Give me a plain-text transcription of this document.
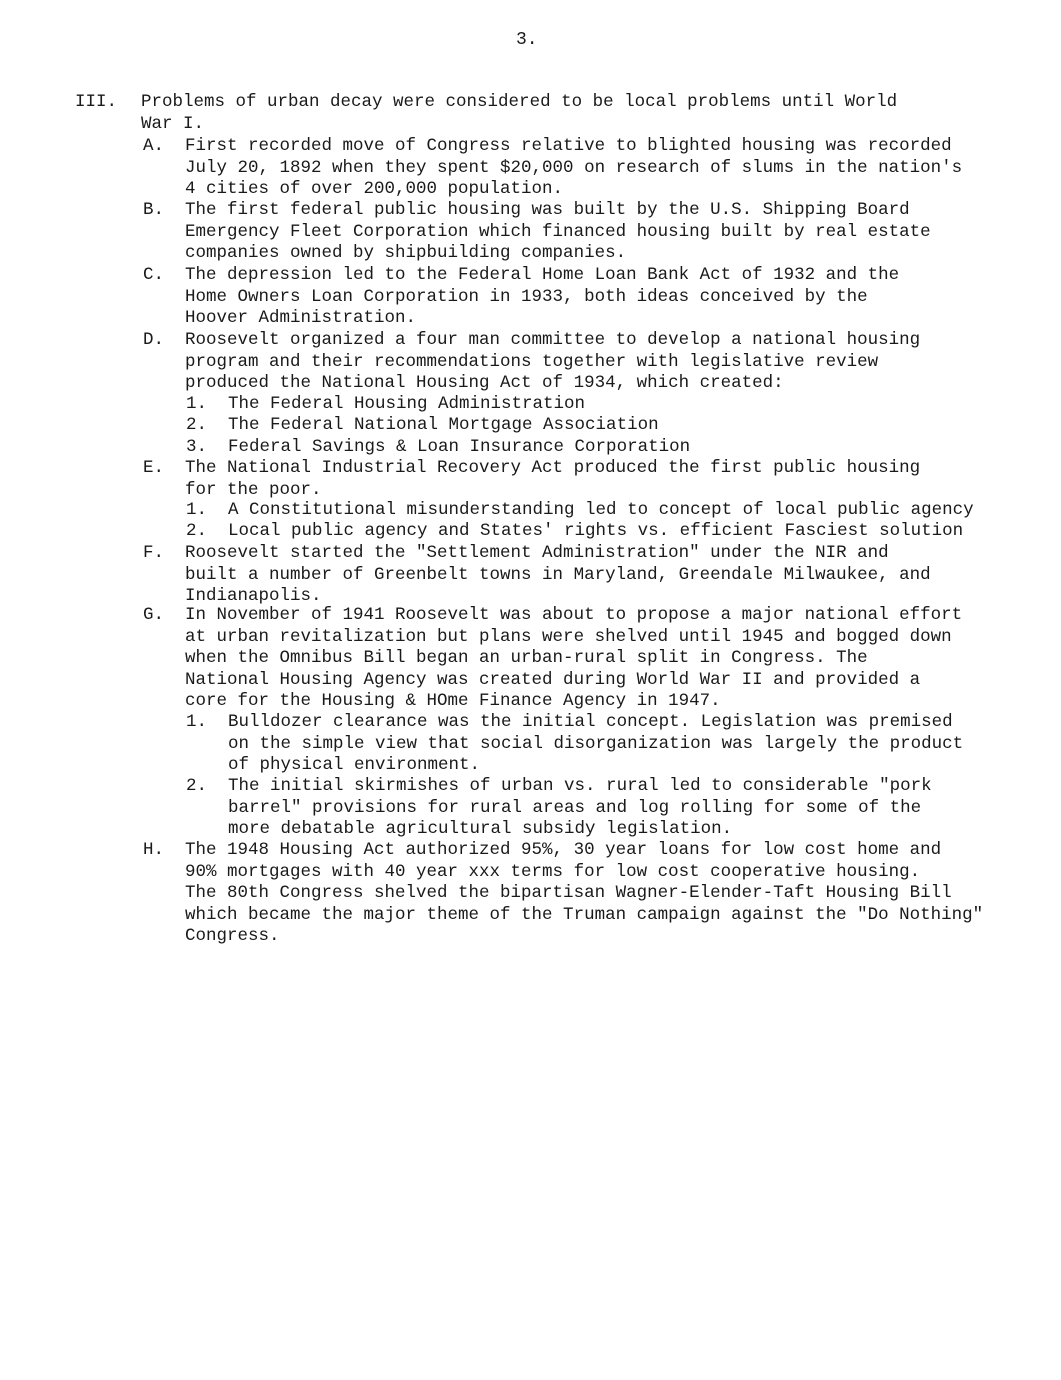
3.
III. Problems of urban decay were considered to be local problems until World
War I.
A. First recorded move of Congress relative to blighted housing was recorded
July 20, 1892 when they spent $20,000 on research of slums in the nation's
4 cities of over 200,000 population.
B. The first federal public housing was built by the U.S. Shipping Board
Emergency Fleet Corporation which financed housing built by real estate
companies owned by shipbuilding companies.
C. The depression led to the Federal Home Loan Bank Act of 1932 and the
Home Owners Loan Corporation in 1933, both ideas conceived by the
Hoover Administration.
D. Roosevelt organized a four man committee to develop a national housing
program and their recommendations together with legislative review
produced the National Housing Act of 1934, which created:
1. The Federal Housing Administration
2. The Federal National Mortgage Association
3. Federal Savings & Loan Insurance Corporation
E. The National Industrial Recovery Act produced the first public housing
for the poor.
1. A Constitutional misunderstanding led to concept of local public agency
2. Local public agency and States' rights vs. efficient Fasciest solution
F. Roosevelt started the "Settlement Administration" under the NIR and
built a number of Greenbelt towns in Maryland, Greendale Milwaukee, and
Indianapolis.
G. In November of 1941 Roosevelt was about to propose a major national effort
at urban revitalization but plans were shelved until 1945 and bogged down
when the Omnibus Bill began an urban-rural split in Congress. The
National Housing Agency was created during World War II and provided a
core for the Housing & HOme Finance Agency in 1947.
1. Bulldozer clearance was the initial concept. Legislation was premised
on the simple view that social disorganization was largely the product
of physical environment.
2. The initial skirmishes of urban vs. rural led to considerable "pork
barrel" provisions for rural areas and log rolling for some of the
more debatable agricultural subsidy legislation.
H. The 1948 Housing Act authorized 95%, 30 year loans for low cost home and
90% mortgages with 40 year xxx terms for low cost cooperative housing.
The 80th Congress shelved the bipartisan Wagner-Elender-Taft Housing Bill
which became the major theme of the Truman campaign against the "Do Nothing"
Congress.
